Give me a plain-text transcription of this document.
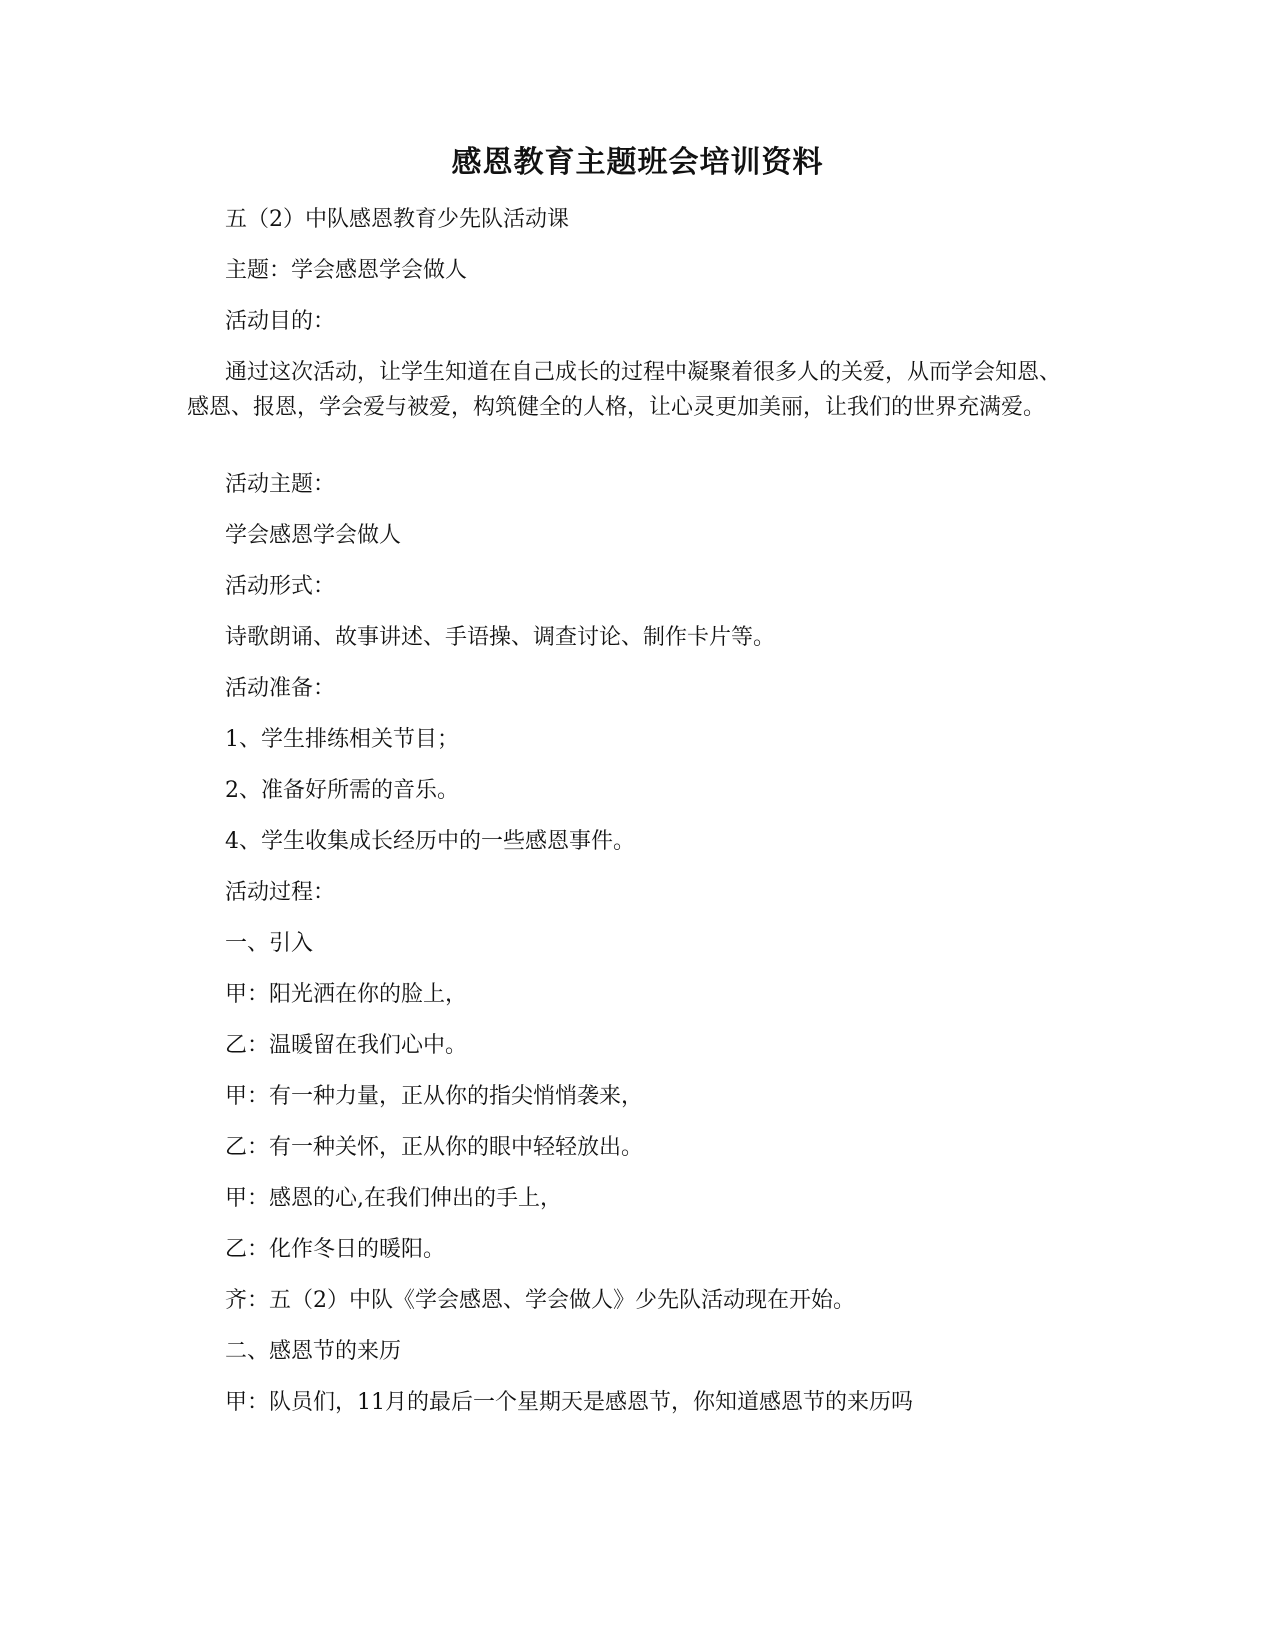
感恩教育主题班会培训资料

五（2）中队感恩教育少先队活动课

主题：学会感恩学会做人

活动目的：

通过这次活动，让学生知道在自己成长的过程中凝聚着很多人的关爱，从而学会知恩、感恩、报恩，学会爱与被爱，构筑健全的人格，让心灵更加美丽，让我们的世界充满爱。

活动主题：

学会感恩学会做人

活动形式：

诗歌朗诵、故事讲述、手语操、调查讨论、制作卡片等。

活动准备：

1、学生排练相关节目；

2、准备好所需的音乐。

4、学生收集成长经历中的一些感恩事件。

活动过程：

一、引入

甲：阳光洒在你的脸上，

乙：温暖留在我们心中。

甲：有一种力量，正从你的指尖悄悄袭来，

乙：有一种关怀，正从你的眼中轻轻放出。

甲：感恩的心,在我们伸出的手上，

乙：化作冬日的暖阳。

齐：五（2）中队《学会感恩、学会做人》少先队活动现在开始。

二、感恩节的来历

甲：队员们，11月的最后一个星期天是感恩节，你知道感恩节的来历吗
